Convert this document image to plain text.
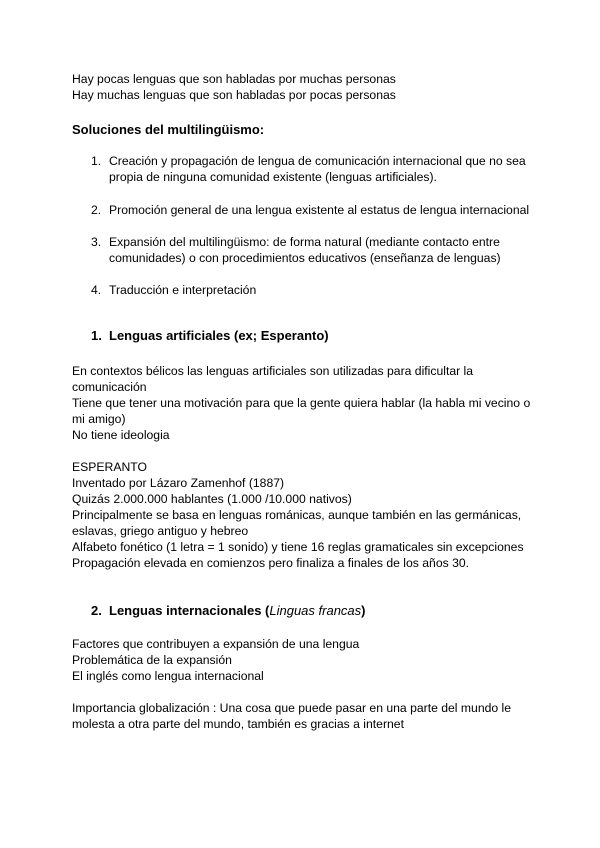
Hay pocas lenguas que son habladas por muchas personas
Hay muchas lenguas que son habladas por pocas personas
Soluciones del multilingüismo:
1. Creación y propagación de lengua de comunicación internacional que no sea
propia de ninguna comunidad existente (lenguas artificiales).
2. Promoción general de una lengua existente al estatus de lengua internacional
3. Expansión del multilingüismo: de forma natural (mediante contacto entre
comunidades) o con procedimientos educativos (enseñanza de lenguas)
4. Traducción e interpretación
1. Lenguas artificiales (ex; Esperanto)
En contextos bélicos las lenguas artificiales son utilizadas para dificultar la
comunicación
Tiene que tener una motivación para que la gente quiera hablar (la habla mi vecino o
mi amigo)
No tiene ideologia
ESPERANTO
Inventado por Lázaro Zamenhof (1887)
Quizás 2.000.000 hablantes (1.000 /10.000 nativos)
Principalmente se basa en lenguas románicas, aunque también en las germánicas,
eslavas, griego antiguo y hebreo
Alfabeto fonético (1 letra = 1 sonido) y tiene 16 reglas gramaticales sin excepciones
Propagación elevada en comienzos pero finaliza a finales de los años 30.
2. Lenguas internacionales (Linguas francas)
Factores que contribuyen a expansión de una lengua
Problemática de la expansión
El inglés como lengua internacional
Importancia globalización : Una cosa que puede pasar en una parte del mundo le
molesta a otra parte del mundo, también es gracias a internet
